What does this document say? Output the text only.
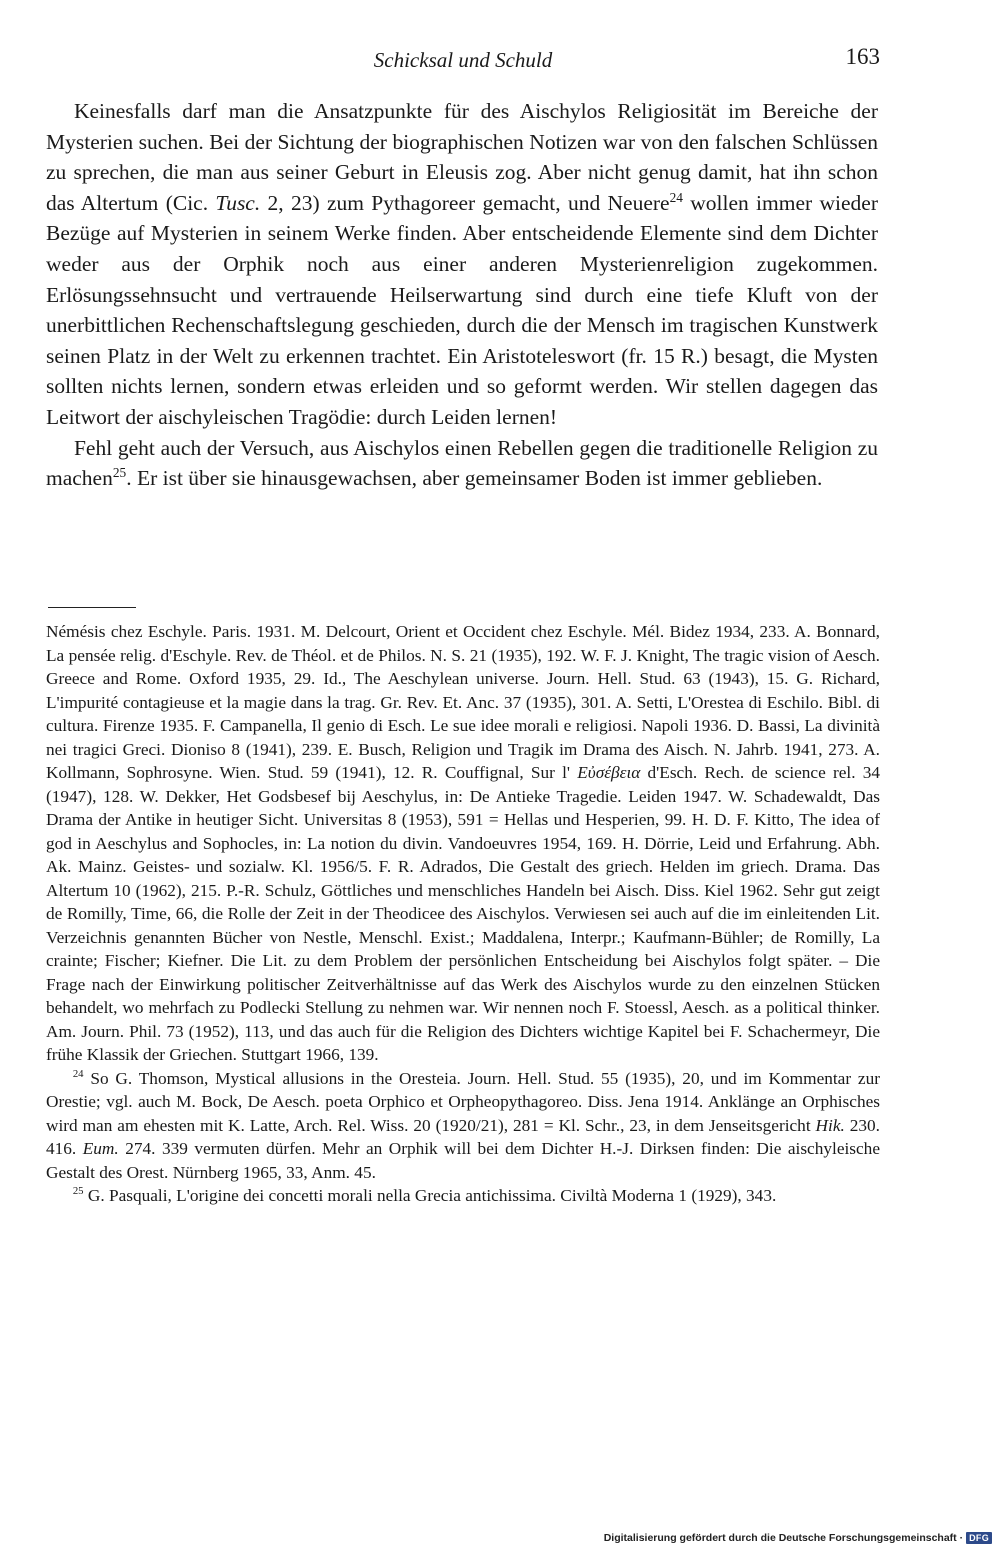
Schicksal und Schuld	163

Keinesfalls darf man die Ansatzpunkte für des Aischylos Religiosität im Bereiche der Mysterien suchen. Bei der Sichtung der biographischen Notizen war von den falschen Schlüssen zu sprechen, die man aus seiner Geburt in Eleusis zog. Aber nicht genug damit, hat ihn schon das Altertum (Cic. Tusc. 2, 23) zum Pythagoreer gemacht, und Neuere$^{24}$ wollen immer wieder Bezüge auf Mysterien in seinem Werke finden. Aber entscheidende Elemente sind dem Dichter weder aus der Orphik noch aus einer anderen Mysterienreligion zugekommen. Erlösungssehnsucht und vertrauende Heilserwartung sind durch eine tiefe Kluft von der unerbittlichen Rechenschaftslegung geschieden, durch die der Mensch im tragischen Kunstwerk seinen Platz in der Welt zu erkennen trachtet. Ein Aristoteleswort (fr. 15 R.) besagt, die Mysten sollten nichts lernen, sondern etwas erleiden und so geformt werden. Wir stellen dagegen das Leitwort der aischyleischen Tragödie: durch Leiden lernen!

Fehl geht auch der Versuch, aus Aischylos einen Rebellen gegen die traditionelle Religion zu machen$^{25}$. Er ist über sie hinausgewachsen, aber gemeinsamer Boden ist immer geblieben.

Némésis chez Eschyle. Paris. 1931. M. Delcourt, Orient et Occident chez Eschyle. Mél. Bidez 1934, 233. A. Bonnard, La pensée relig. d'Eschyle. Rev. de Théol. et de Philos. N. S. 21 (1935), 192. W. F. J. Knight, The tragic vision of Aesch. Greece and Rome. Oxford 1935, 29. Id., The Aeschylean universe. Journ. Hell. Stud. 63 (1943), 15. G. Richard, L'impurité contagieuse et la magie dans la trag. Gr. Rev. Et. Anc. 37 (1935), 301. A. Setti, L'Orestea di Eschilo. Bibl. di cultura. Firenze 1935. F. Campanella, Il genio di Esch. Le sue idee morali e religiosi. Napoli 1936. D. Bassi, La divinità nei tragici Greci. Dioniso 8 (1941), 239. E. Busch, Religion und Tragik im Drama des Aisch. N. Jahrb. 1941, 273. A. Kollmann, Sophrosyne. Wien. Stud. 59 (1941), 12. R. Couffignal, Sur l' Εὐσέβεια d'Esch. Rech. de science rel. 34 (1947), 128. W. Dekker, Het Godsbesef bij Aeschylus, in: De Antieke Tragedie. Leiden 1947. W. Schadewaldt, Das Drama der Antike in heutiger Sicht. Universitas 8 (1953), 591 = Hellas und Hesperien, 99. H. D. F. Kitto, The idea of god in Aeschylus and Sophocles, in: La notion du divin. Vandoeuvres 1954, 169. H. Dörrie, Leid und Erfahrung. Abh. Ak. Mainz. Geistes- und sozialw. Kl. 1956/5. F. R. Adrados, Die Gestalt des griech. Helden im griech. Drama. Das Altertum 10 (1962), 215. P.-R. Schulz, Göttliches und menschliches Handeln bei Aisch. Diss. Kiel 1962. Sehr gut zeigt de Romilly, Time, 66, die Rolle der Zeit in der Theodicee des Aischylos. Verwiesen sei auch auf die im einleitenden Lit. Verzeichnis genannten Bücher von Nestle, Menschl. Exist.; Maddalena, Interpr.; Kaufmann-Bühler; de Romilly, La crainte; Fischer; Kiefner. Die Lit. zu dem Problem der persönlichen Entscheidung bei Aischylos folgt später. – Die Frage nach der Einwirkung politischer Zeitverhältnisse auf das Werk des Aischylos wurde zu den einzelnen Stücken behandelt, wo mehrfach zu Podlecki Stellung zu nehmen war. Wir nennen noch F. Stoessl, Aesch. as a political thinker. Am. Journ. Phil. 73 (1952), 113, und das auch für die Religion des Dichters wichtige Kapitel bei F. Schachermeyr, Die frühe Klassik der Griechen. Stuttgart 1966, 139.

$^{24}$ So G. Thomson, Mystical allusions in the Oresteia. Journ. Hell. Stud. 55 (1935), 20, und im Kommentar zur Orestie; vgl. auch M. Bock, De Aesch. poeta Orphico et Orpheopythagoreo. Diss. Jena 1914. Anklänge an Orphisches wird man am ehesten mit K. Latte, Arch. Rel. Wiss. 20 (1920/21), 281 = Kl. Schr., 23, in dem Jenseitsgericht Hik. 230. 416. Eum. 274. 339 vermuten dürfen. Mehr an Orphik will bei dem Dichter H.-J. Dirksen finden: Die aischyleische Gestalt des Orest. Nürnberg 1965, 33, Anm. 45.

$^{25}$ G. Pasquali, L'origine dei concetti morali nella Grecia antichissima. Civiltà Moderna 1 (1929), 343.

Digitalisierung gefördert durch die Deutsche Forschungsgemeinschaft · DFG
